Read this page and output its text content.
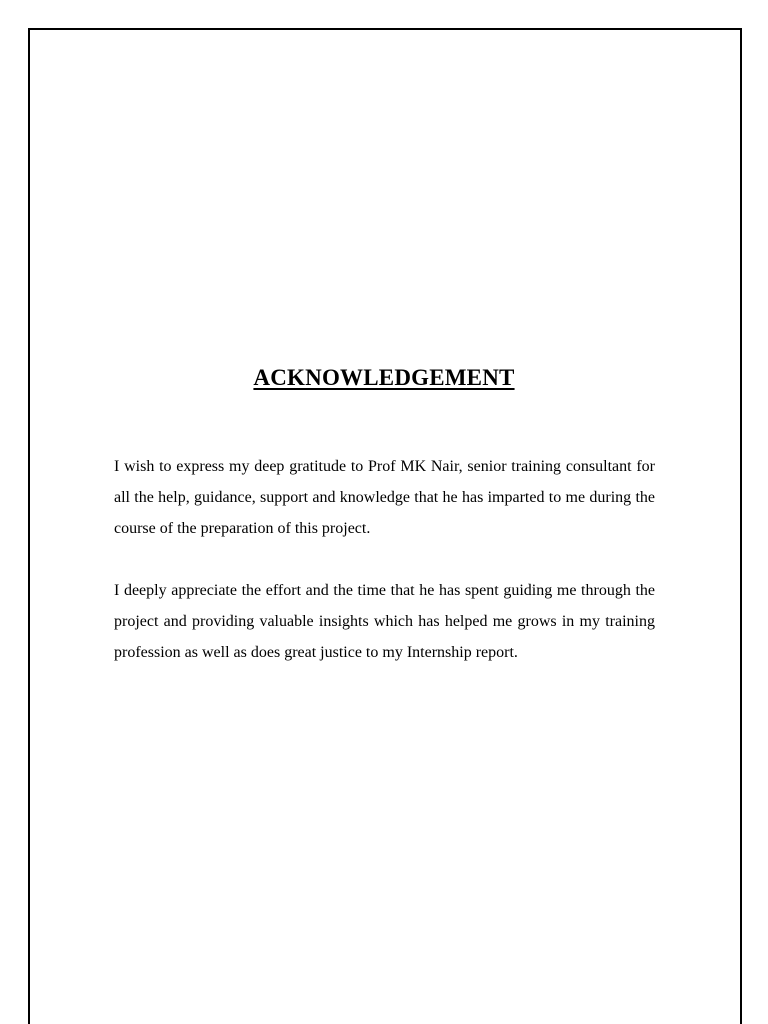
ACKNOWLEDGEMENT

I wish to express my deep gratitude to Prof MK Nair, senior training consultant for all the help, guidance, support and knowledge that he has imparted to me during the course of the preparation of this project.

I deeply appreciate the effort and the time that he has spent guiding me through the project and providing valuable insights which has helped me grows in my training profession as well as does great justice to my Internship report.
